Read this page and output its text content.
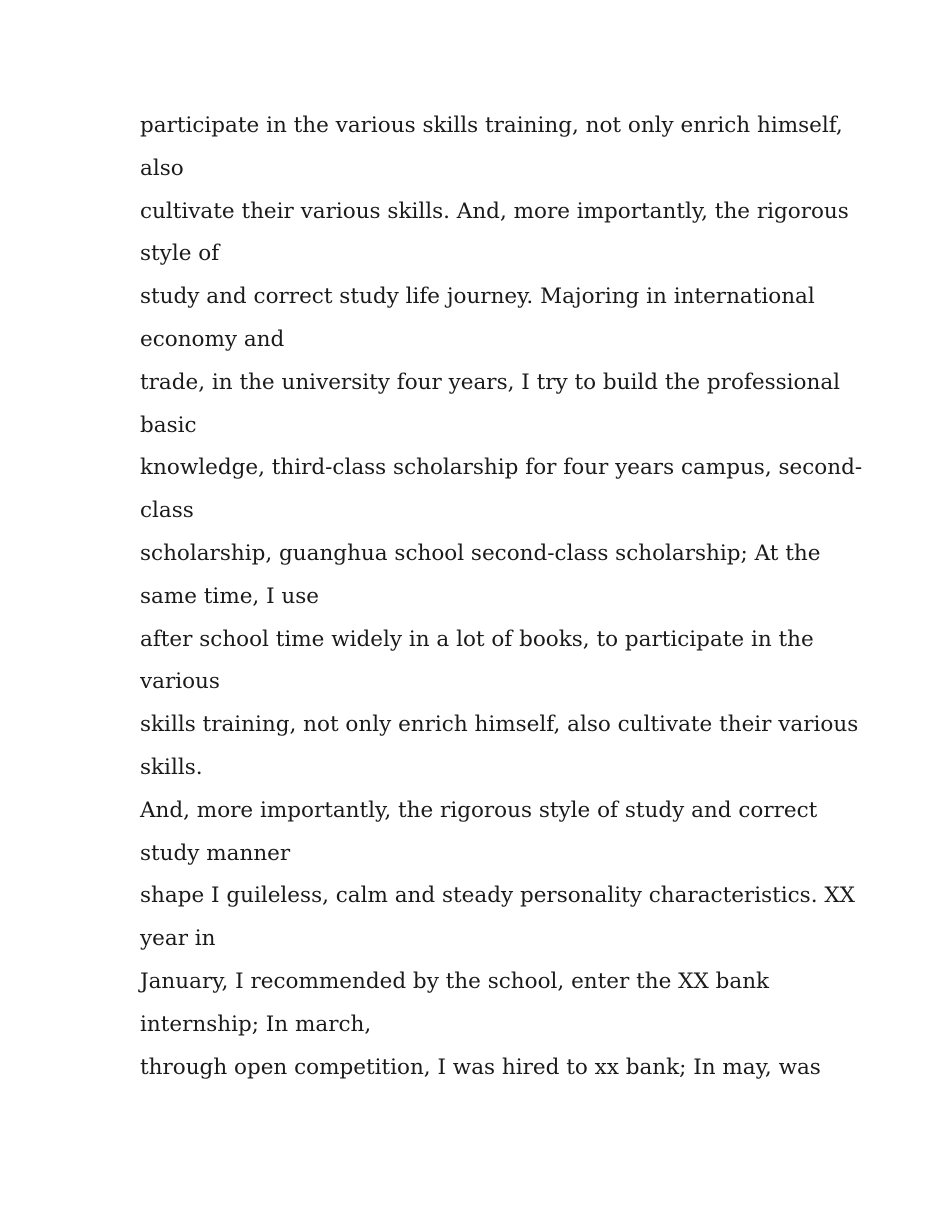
participate in the various skills training, not only enrich himself,
also
cultivate their various skills. And, more importantly, the rigorous
style of
study and correct study life journey. Majoring in international
economy and
trade, in the university four years, I try to build the professional
basic
knowledge, third-class scholarship for four years campus, second-
class
scholarship, guanghua school second-class scholarship; At the
same time, I use
after school time widely in a lot of books, to participate in the
various
skills training, not only enrich himself, also cultivate their various
skills.
And, more importantly, the rigorous style of study and correct
study manner
shape I guileless, calm and steady personality characteristics. XX
year in
January, I recommended by the school, enter the XX bank
internship; In march,
through open competition, I was hired to xx bank; In may, was
